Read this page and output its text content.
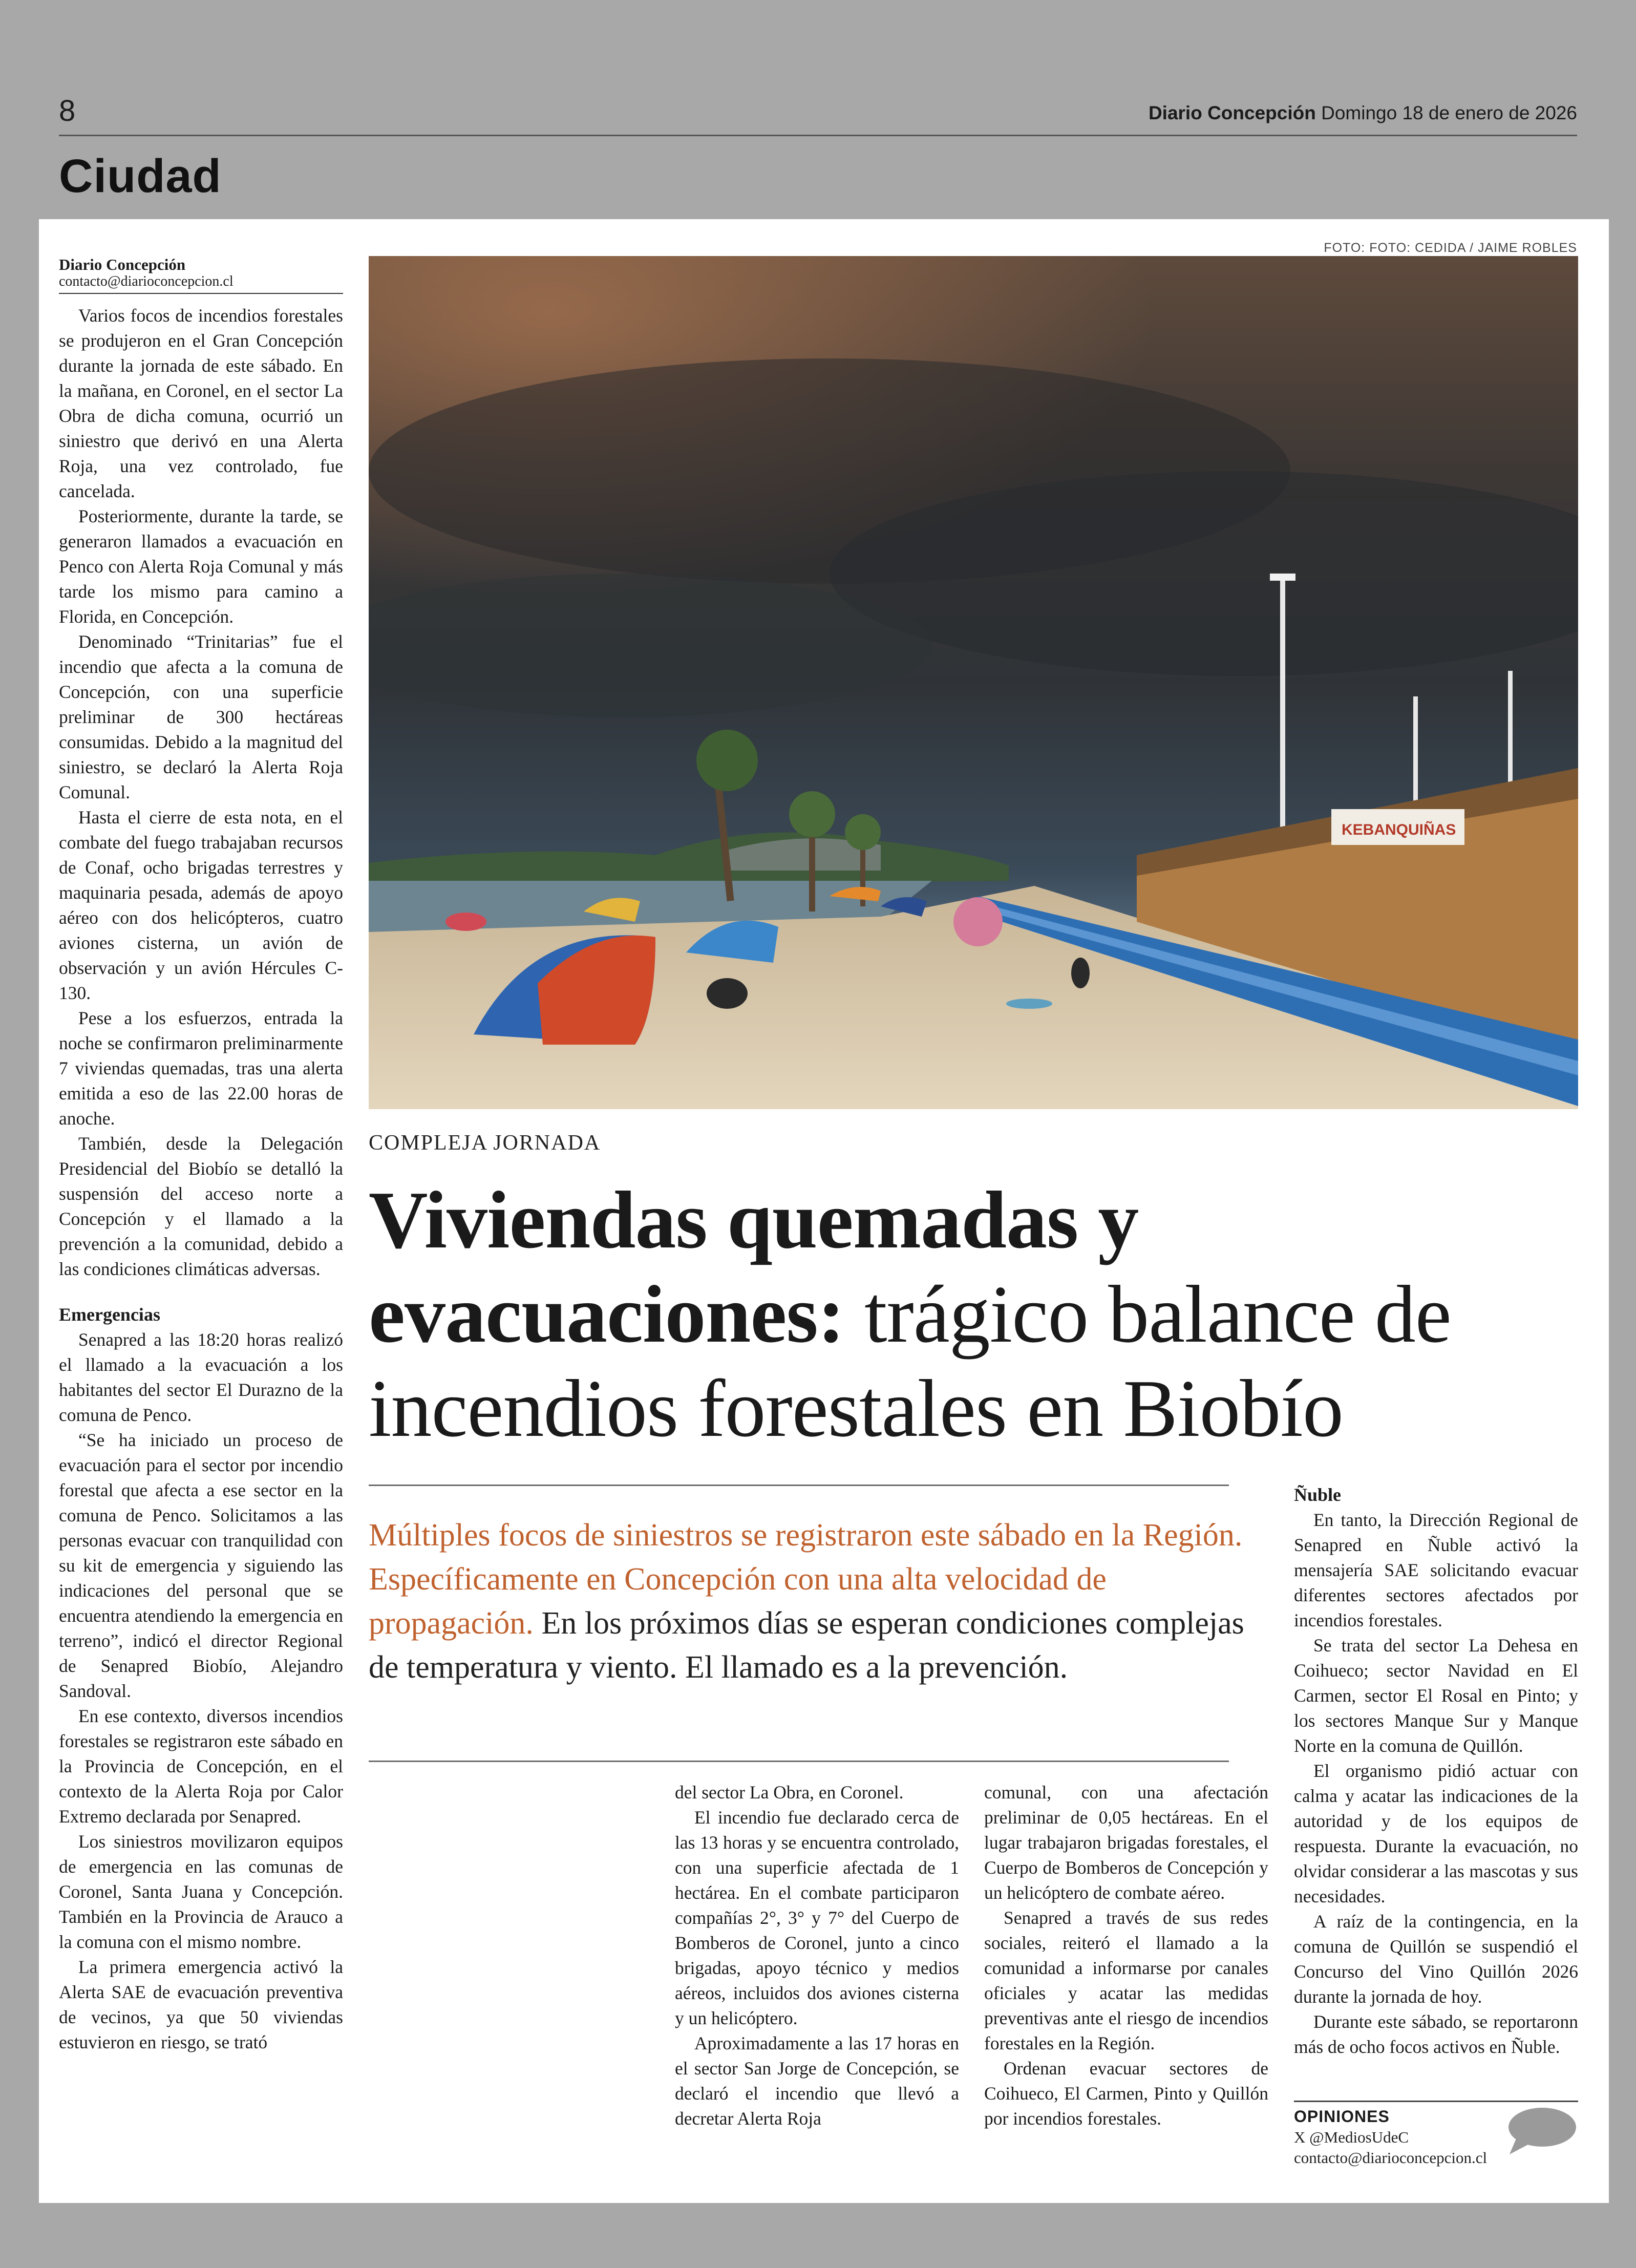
8	Diario Concepción Domingo 18 de enero de 2026
Ciudad
Diario Concepción
contacto@diarioconcepcion.cl

Varios focos de incendios forestales se produjeron en el Gran Concepción durante la jornada de este sábado. En la mañana, en Coronel, en el sector La Obra de dicha comuna, ocurrió un siniestro que derivó en una Alerta Roja, una vez controlado, fue cancelada.

Posteriormente, durante la tarde, se generaron llamados a evacuación en Penco con Alerta Roja Comunal y más tarde los mismo para camino a Florida, en Concepción.

Denominado “Trinitarias” fue el incendio que afecta a la comuna de Concepción, con una superficie preliminar de 300 hectáreas consumidas. Debido a la magnitud del siniestro, se declaró la Alerta Roja Comunal.

Hasta el cierre de esta nota, en el combate del fuego trabajaban recursos de Conaf, ocho brigadas terrestres y maquinaria pesada, además de apoyo aéreo con dos helicópteros, cuatro aviones cisterna, un avión de observación y un avión Hércules C-130.

Pese a los esfuerzos, entrada la noche se confirmaron preliminarmente 7 viviendas quemadas, tras una alerta emitida a eso de las 22.00 horas de anoche.

También, desde la Delegación Presidencial del Biobío se detalló la suspensión del acceso norte a Concepción y el llamado a la prevención a la comunidad, debido a las condiciones climáticas adversas.

Emergencias

Senapred a las 18:20 horas realizó el llamado a la evacuación a los habitantes del sector El Durazno de la comuna de Penco.

“Se ha iniciado un proceso de evacuación para el sector por incendio forestal que afecta a ese sector en la comuna de Penco. Solicitamos a las personas evacuar con tranquilidad con su kit de emergencia y siguiendo las indicaciones del personal que se encuentra atendiendo la emergencia en terreno”, indicó el director Regional de Senapred Biobío, Alejandro Sandoval.

En ese contexto, diversos incendios forestales se registraron este sábado en la Provincia de Concepción, en el contexto de la Alerta Roja por Calor Extremo declarada por Senapred.

Los siniestros movilizaron equipos de emergencia en las comunas de Coronel, Santa Juana y Concepción. También en la Provincia de Arauco a la comuna con el mismo nombre.

La primera emergencia activó la Alerta SAE de evacuación preventiva de vecinos, ya que 50 viviendas estuvieron en riesgo, se trató

FOTO: FOTO: CEDIDA / JAIME ROBLES
KEBANQUIÑAS
COMPLEJA JORNADA
Viviendas quemadas y evacuaciones: trágico balance de incendios forestales en Biobío
Múltiples focos de siniestros se registraron este sábado en la Región. Específicamente en Concepción con una alta velocidad de propagación. En los próximos días se esperan condiciones complejas de temperatura y viento. El llamado es a la prevención.

del sector La Obra, en Coronel.

El incendio fue declarado cerca de las 13 horas y se encuentra controlado, con una superficie afectada de 1 hectárea. En el combate participaron compañías 2°, 3° y 7° del Cuerpo de Bomberos de Coronel, junto a cinco brigadas, apoyo técnico y medios aéreos, incluidos dos aviones cisterna y un helicóptero.

Aproximadamente a las 17 horas en el sector San Jorge de Concepción, se declaró el incendio que llevó a decretar Alerta Roja

comunal, con una afectación preliminar de 0,05 hectáreas. En el lugar trabajaron brigadas forestales, el Cuerpo de Bomberos de Concepción y un helicóptero de combate aéreo.

Senapred a través de sus redes sociales, reiteró el llamado a la comunidad a informarse por canales oficiales y acatar las medidas preventivas ante el riesgo de incendios forestales en la Región.

Ordenan evacuar sectores de Coihueco, El Carmen, Pinto y Quillón por incendios forestales.

Ñuble

En tanto, la Dirección Regional de Senapred en Ñuble activó la mensajería SAE solicitando evacuar diferentes sectores afectados por incendios forestales.

Se trata del sector La Dehesa en Coihueco; sector Navidad en El Carmen, sector El Rosal en Pinto; y los sectores Manque Sur y Manque Norte en la comuna de Quillón.

El organismo pidió actuar con calma y acatar las indicaciones de la autoridad y de los equipos de respuesta. Durante la evacuación, no olvidar considerar a las mascotas y sus necesidades.

A raíz de la contingencia, en la comuna de Quillón se suspendió el Concurso del Vino Quillón 2026 durante la jornada de hoy.

Durante este sábado, se reportaronn más de ocho focos activos en Ñuble.

OPINIONES
X @MediosUdeC
contacto@diarioconcepcion.cl
